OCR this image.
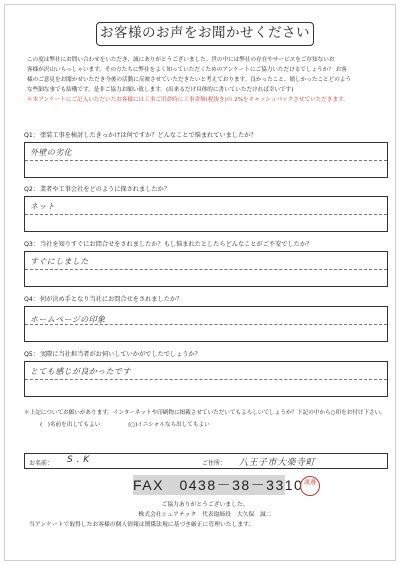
お客様のお声をお聞かせください

この度は弊社にお問い合わせをいただき、誠にありがとうございました。世の中には弊社の存在やサービスをご存知ないお

客様が沢山いらっしゃいます。その方たちに弊社をよく知っていただくためのアンケートにご協力いただけるでしょうか？ お客

様のご意見をお聞かせいただき今後の活動に反映させていただきたいと考えております。良かったこと、嬉しかったことどのよう

な些細な事でも結構です。是非ご協力お願い致します。(出来るだけ具体的に書いていただければ幸いです)

＊本アンケートにご記入いただいたお客様には工事ご用命時に工事金額(税抜き)の 2%をキャッシュバックさせていただきます。

Q1：塗装工事を検討したきっかけは何ですか？どんなことで悩まれていましたか？
外壁の劣化
Q2：業者や工事会社をどのように探されましたか？
ネット
Q3：当社を知りすぐにお問合せをされましたか？もし悩まれたとしたらどんなことがご不安でしたか？
すぐにしました
Q4：何が決め手となり当社にお問合せをされましたか？
ホームページの印象
Q5：実際に当社担当者がお伺いしていかがでしたでしょうか？
とても感じが良かったです

＊上記についてお願いがあります。インターネットや印刷物に掲載させていただいてもよろしいでしょうか？下記の中から○印をお付け下さい。

(　)名前を出してもよい	(○)イニシャルなら出してもよい

お名前： S . K	ご住所： 八王子市大楽寺町
FAX　0438－38－3310 渡邊

ご協力ありがとうございました。

株式会社シェアテック　代表取締役　大久保　誠二

当アンケートで取得したお客様の個人情報は関係法規に基づき厳正に管理いたします。
